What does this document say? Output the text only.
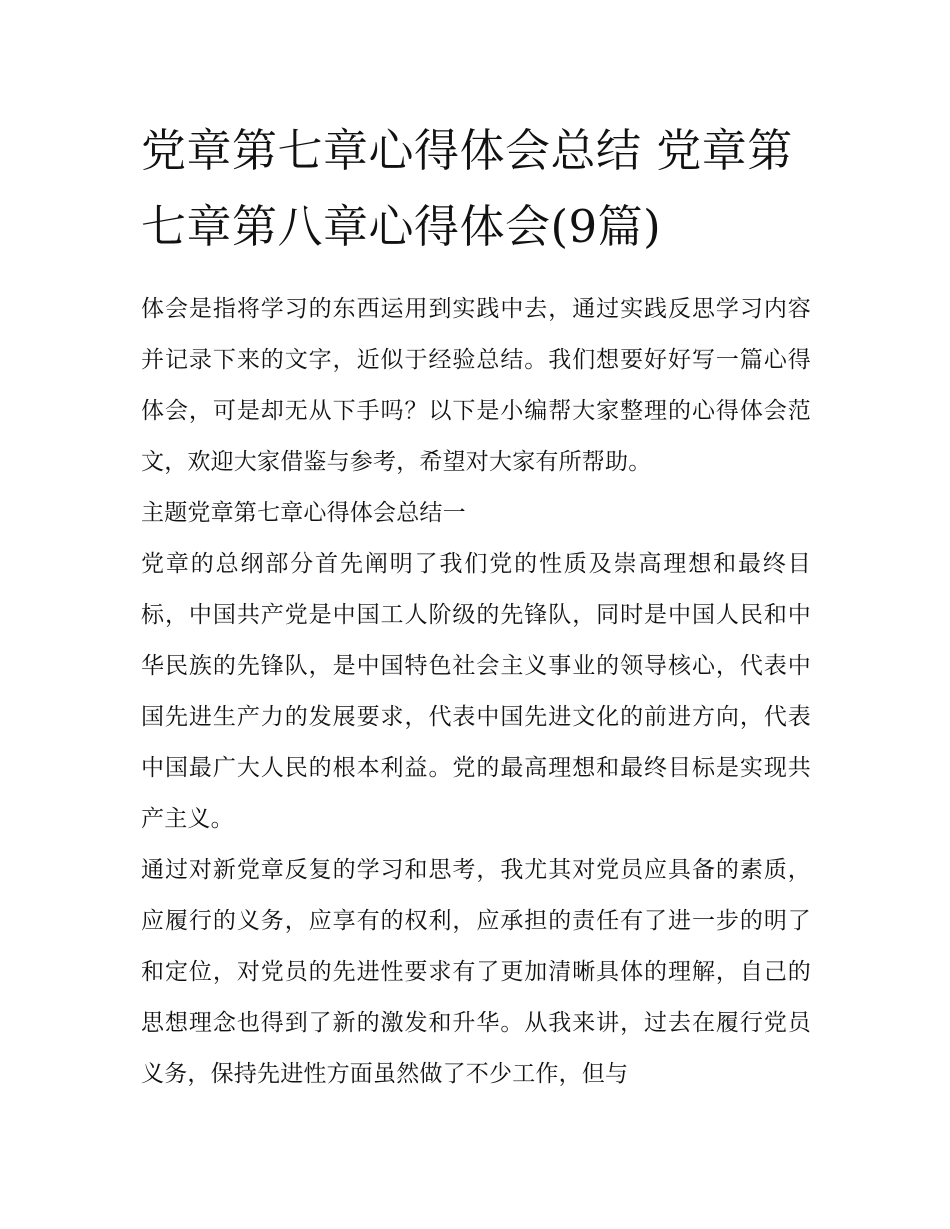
党章第七章心得体会总结 党章第七章第八章心得体会(9篇)

体会是指将学习的东西运用到实践中去，通过实践反思学习内容并记录下来的文字，近似于经验总结。我们想要好好写一篇心得体会，可是却无从下手吗？以下是小编帮大家整理的心得体会范文，欢迎大家借鉴与参考，希望对大家有所帮助。

主题党章第七章心得体会总结一

党章的总纲部分首先阐明了我们党的性质及崇高理想和最终目标，中国共产党是中国工人阶级的先锋队，同时是中国人民和中华民族的先锋队，是中国特色社会主义事业的领导核心，代表中国先进生产力的发展要求，代表中国先进文化的前进方向，代表中国最广大人民的根本利益。党的最高理想和最终目标是实现共产主义。

通过对新党章反复的学习和思考，我尤其对党员应具备的素质，应履行的义务，应享有的权利，应承担的责任有了进一步的明了和定位，对党员的先进性要求有了更加清晰具体的理解，自己的思想理念也得到了新的激发和升华。从我来讲，过去在履行党员义务，保持先进性方面虽然做了不少工作，但与
